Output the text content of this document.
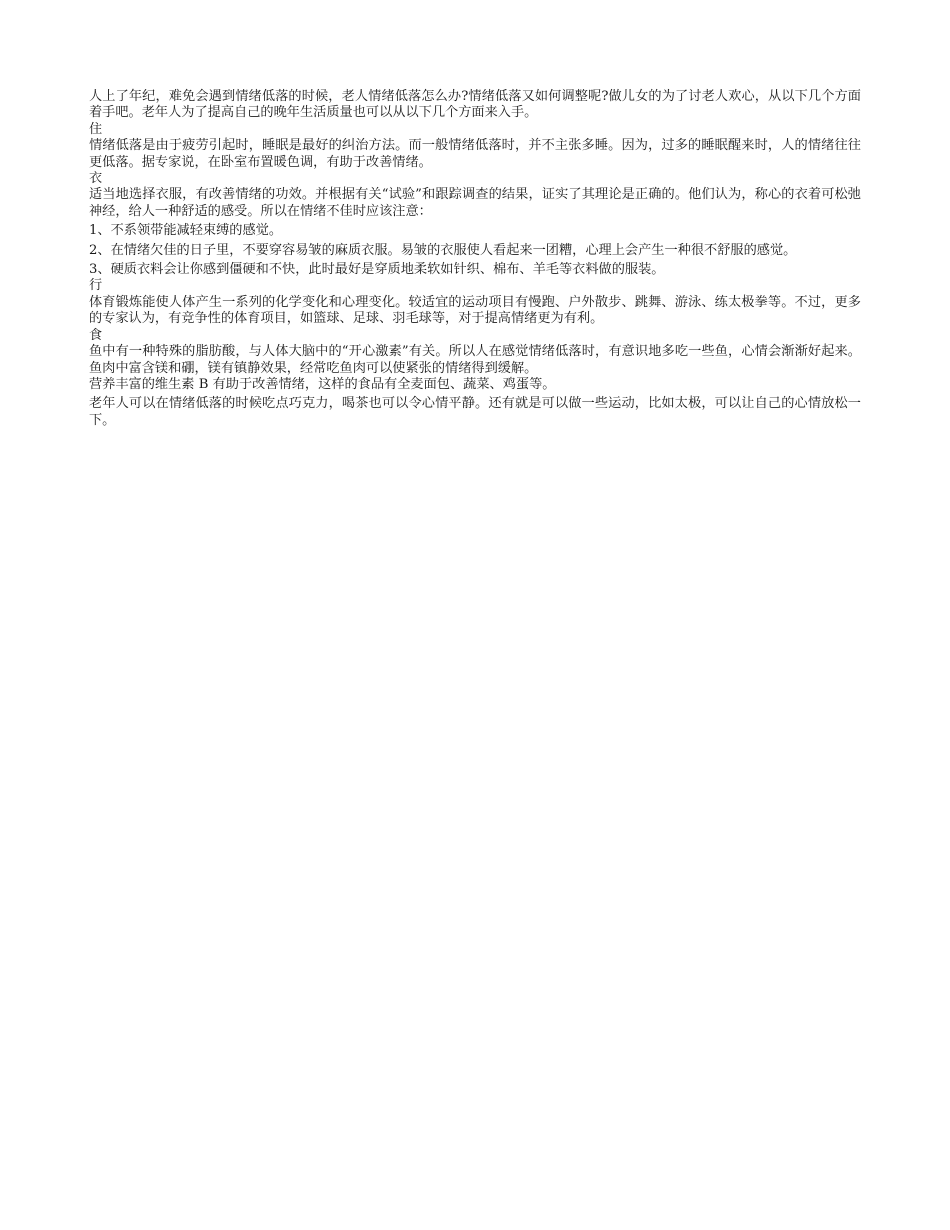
人上了年纪，难免会遇到情绪低落的时候，老人情绪低落怎么办?情绪低落又如何调整呢?做儿女的为了讨老人欢心，从以下几个方面着手吧。老年人为了提高自己的晚年生活质量也可以从以下几个方面来入手。

住

情绪低落是由于疲劳引起时，睡眠是最好的纠治方法。而一般情绪低落时，并不主张多睡。因为，过多的睡眠醒来时，人的情绪往往更低落。据专家说，在卧室布置暖色调，有助于改善情绪。

衣

适当地选择衣服，有改善情绪的功效。并根据有关“试验”和跟踪调查的结果，证实了其理论是正确的。他们认为，称心的衣着可松弛神经，给人一种舒适的感受。所以在情绪不佳时应该注意：

1、不系领带能减轻束缚的感觉。

2、在情绪欠佳的日子里，不要穿容易皱的麻质衣服。易皱的衣服使人看起来一团糟，心理上会产生一种很不舒服的感觉。

3、硬质衣料会让你感到僵硬和不快，此时最好是穿质地柔软如针织、棉布、羊毛等衣料做的服装。

行

体育锻炼能使人体产生一系列的化学变化和心理变化。较适宜的运动项目有慢跑、户外散步、跳舞、游泳、练太极拳等。不过，更多的专家认为，有竞争性的体育项目，如篮球、足球、羽毛球等，对于提高情绪更为有利。

食

鱼中有一种特殊的脂肪酸，与人体大脑中的“开心激素”有关。所以人在感觉情绪低落时，有意识地多吃一些鱼，心情会渐渐好起来。鱼肉中富含镁和硼，镁有镇静效果，经常吃鱼肉可以使紧张的情绪得到缓解。

营养丰富的维生素 B 有助于改善情绪，这样的食品有全麦面包、蔬菜、鸡蛋等。

老年人可以在情绪低落的时候吃点巧克力，喝茶也可以令心情平静。还有就是可以做一些运动，比如太极，可以让自己的心情放松一下。
